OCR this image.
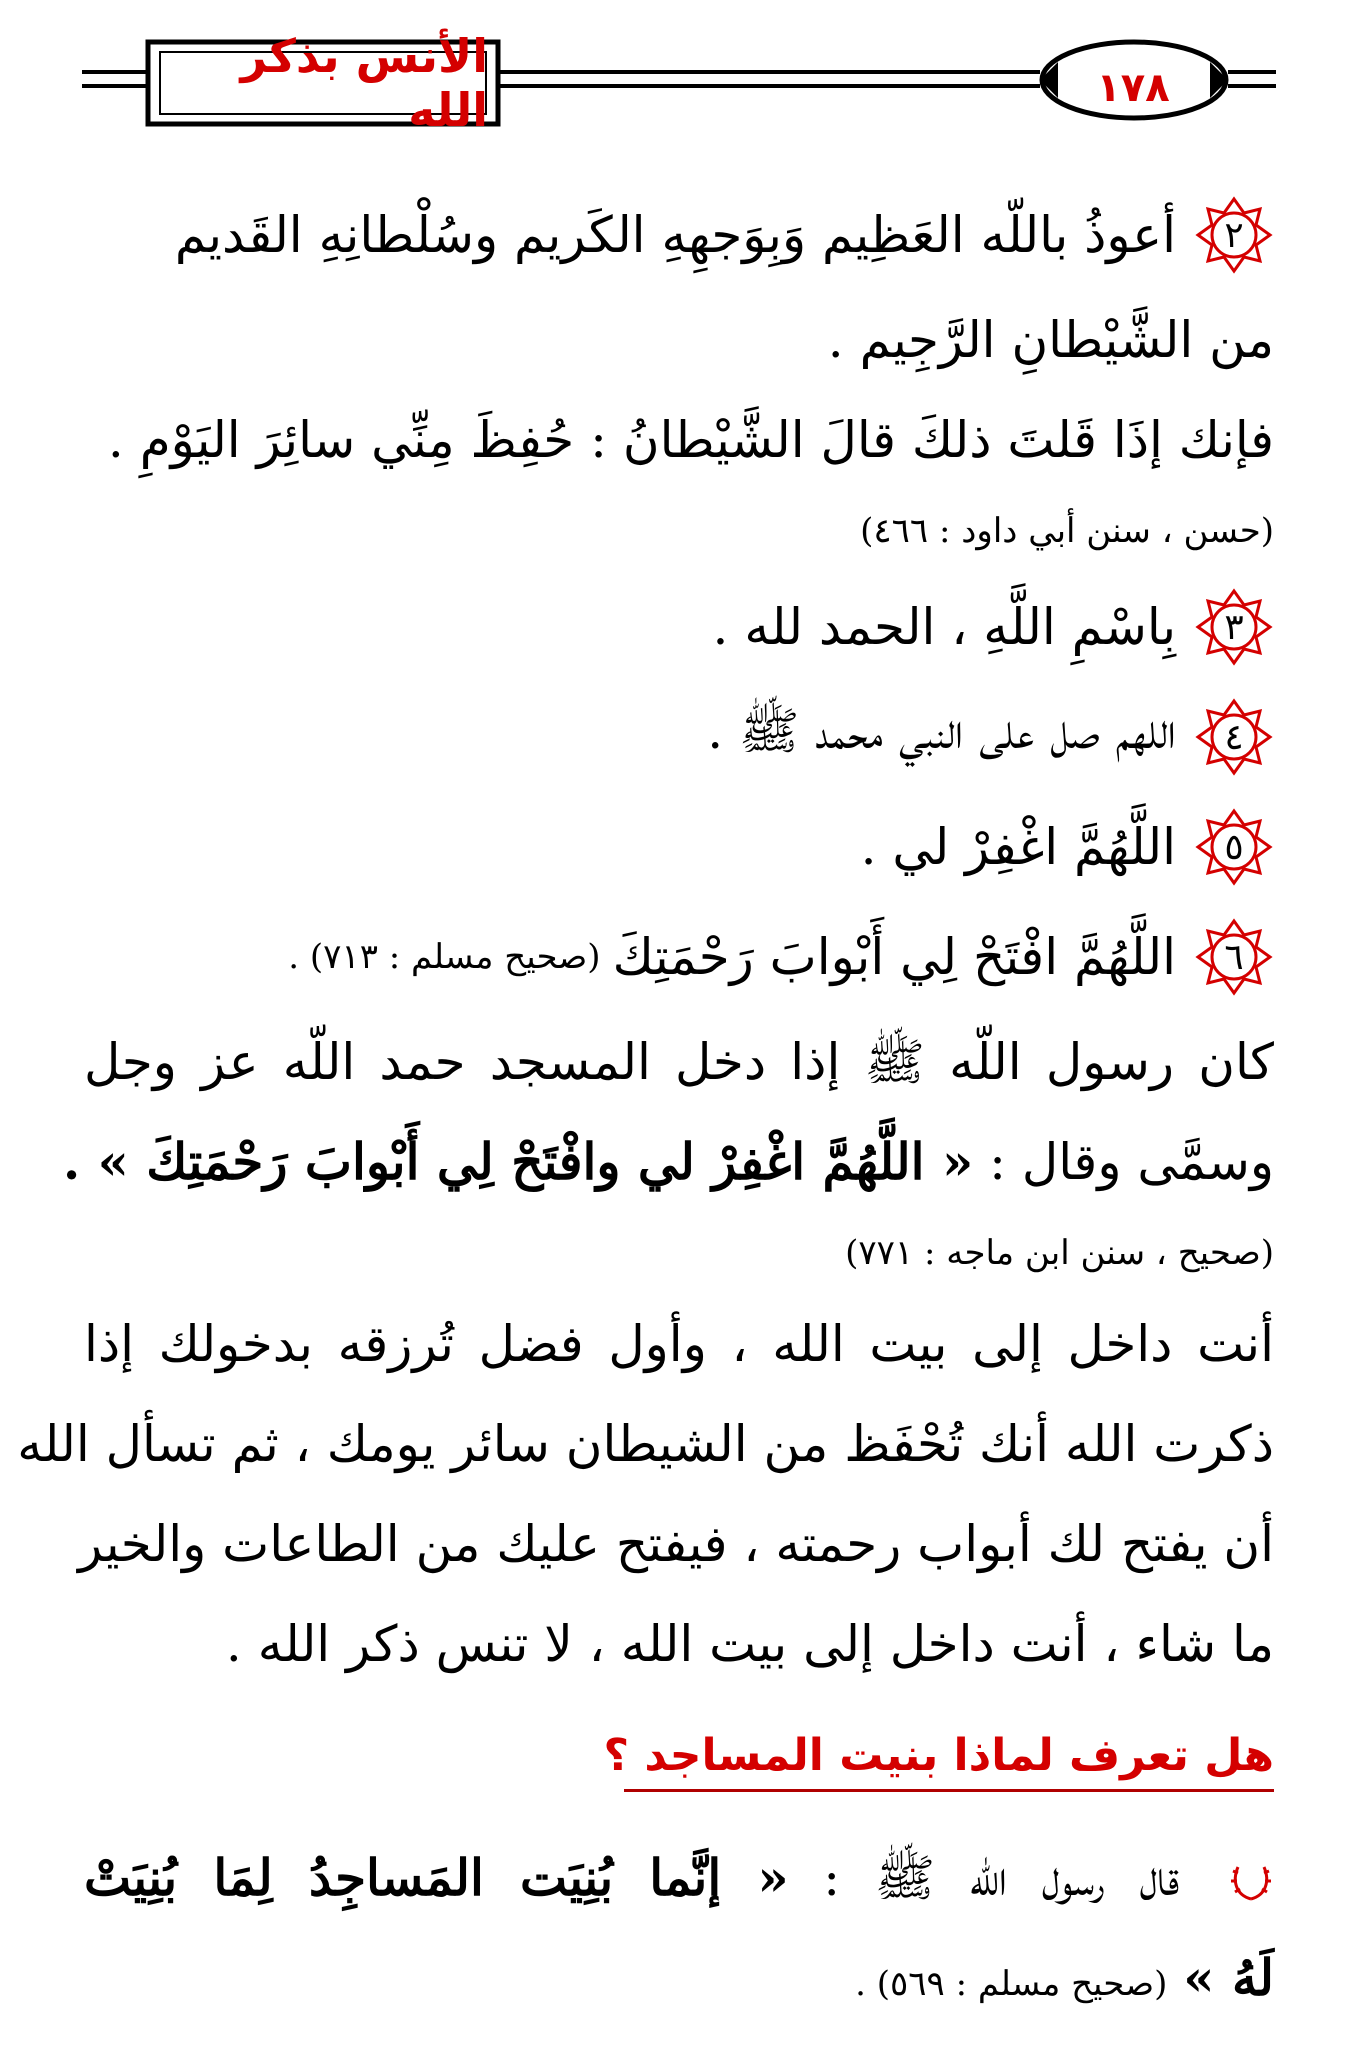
الأنس بذكر الله	١٧٨
٢
أعوذُ باللّه العَظِيم وَبِوَجهِهِ الكَريم وسُلْطانِهِ القَديم
من الشَّيْطانِ الرَّجِيم .
فإنك إذَا قَلتَ ذلكَ قالَ الشَّيْطانُ : حُفِظَ مِنِّي سائِرَ اليَوْمِ .
(حسن ، سنن أبي داود : ٤٦٦)
٣
بِاسْمِ اللَّهِ ، الحمد لله .
٤
اللهم صل على النبي محمد ﷺ .
٥
اللَّهُمَّ اغْفِرْ لي .
٦
اللَّهُمَّ افْتَحْ لِي أَبْوابَ رَحْمَتِكَ
(صحيح مسلم : ٧١٣) .
كان رسول اللّه ﷺ إذا دخل المسجد حمد اللّه عز وجل
وسمَّى وقال : « اللَّهُمَّ اغْفِرْ لي وافْتَحْ لِي أَبْوابَ رَحْمَتِكَ » .
(صحيح ، سنن ابن ماجه : ٧٧١)
أنت داخل إلى بيت الله ، وأول فضل تُرزقه بدخولك إذا
ذكرت الله أنك تُحْفَظ من الشيطان سائر يومك ، ثم تسأل الله
أن يفتح لك أبواب رحمته ، فيفتح عليك من الطاعات والخير
ما شاء ، أنت داخل إلى بيت الله ، لا تنس ذكر الله .
هل تعرف لماذا بنيت المساجد ؟
قال رسول اللّه ﷺ : « إنَّما بُنِيَت المَساجِدُ لِمَا بُنِيَتْ
لَهُ » (صحيح مسلم : ٥٦٩) .
